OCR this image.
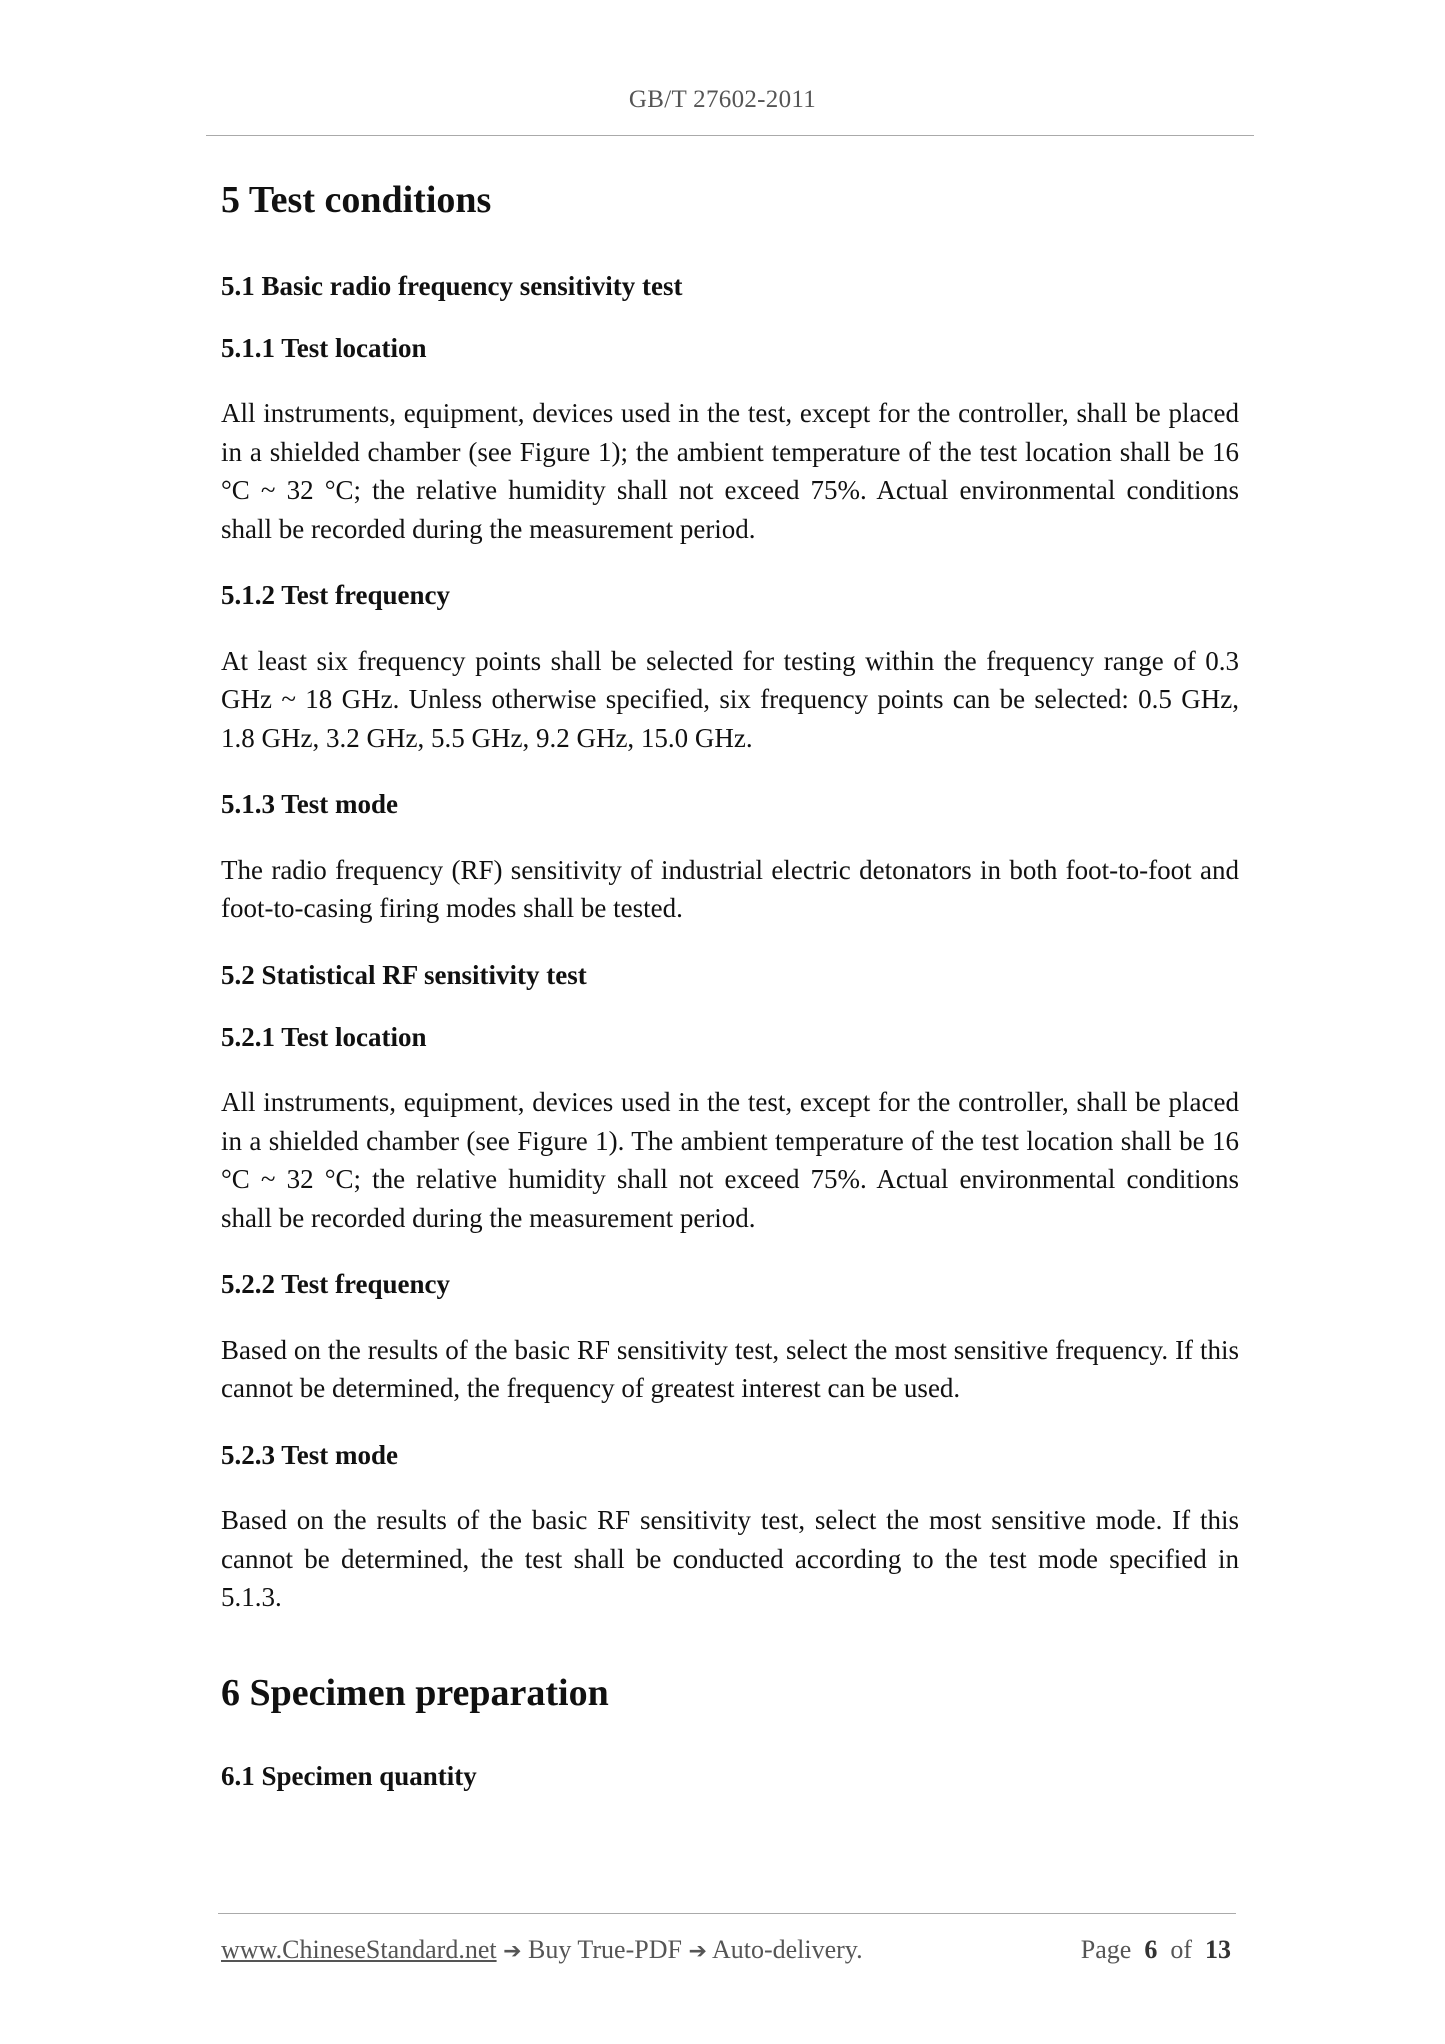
GB/T 27602-2011
5 Test conditions
5.1 Basic radio frequency sensitivity test
5.1.1 Test location

All instruments, equipment, devices used in the test, except for the controller, shall be placed in a shielded chamber (see Figure 1); the ambient temperature of the test location shall be 16 °C ~ 32 °C; the relative humidity shall not exceed 75%. Actual environmental conditions shall be recorded during the measurement period.

5.1.2 Test frequency

At least six frequency points shall be selected for testing within the frequency range of 0.3 GHz ~ 18 GHz. Unless otherwise specified, six frequency points can be selected: 0.5 GHz, 1.8 GHz, 3.2 GHz, 5.5 GHz, 9.2 GHz, 15.0 GHz.

5.1.3 Test mode

The radio frequency (RF) sensitivity of industrial electric detonators in both foot-to-foot and foot-to-casing firing modes shall be tested.

5.2 Statistical RF sensitivity test
5.2.1 Test location

All instruments, equipment, devices used in the test, except for the controller, shall be placed in a shielded chamber (see Figure 1). The ambient temperature of the test location shall be 16 °C ~ 32 °C; the relative humidity shall not exceed 75%. Actual environmental conditions shall be recorded during the measurement period.

5.2.2 Test frequency

Based on the results of the basic RF sensitivity test, select the most sensitive frequency. If this cannot be determined, the frequency of greatest interest can be used.

5.2.3 Test mode

Based on the results of the basic RF sensitivity test, select the most sensitive mode. If this cannot be determined, the test shall be conducted according to the test mode specified in 5.1.3.

6 Specimen preparation
6.1 Specimen quantity
www.ChineseStandard.net ➔ Buy True-PDF ➔ Auto-delivery.	Page 6 of 13
